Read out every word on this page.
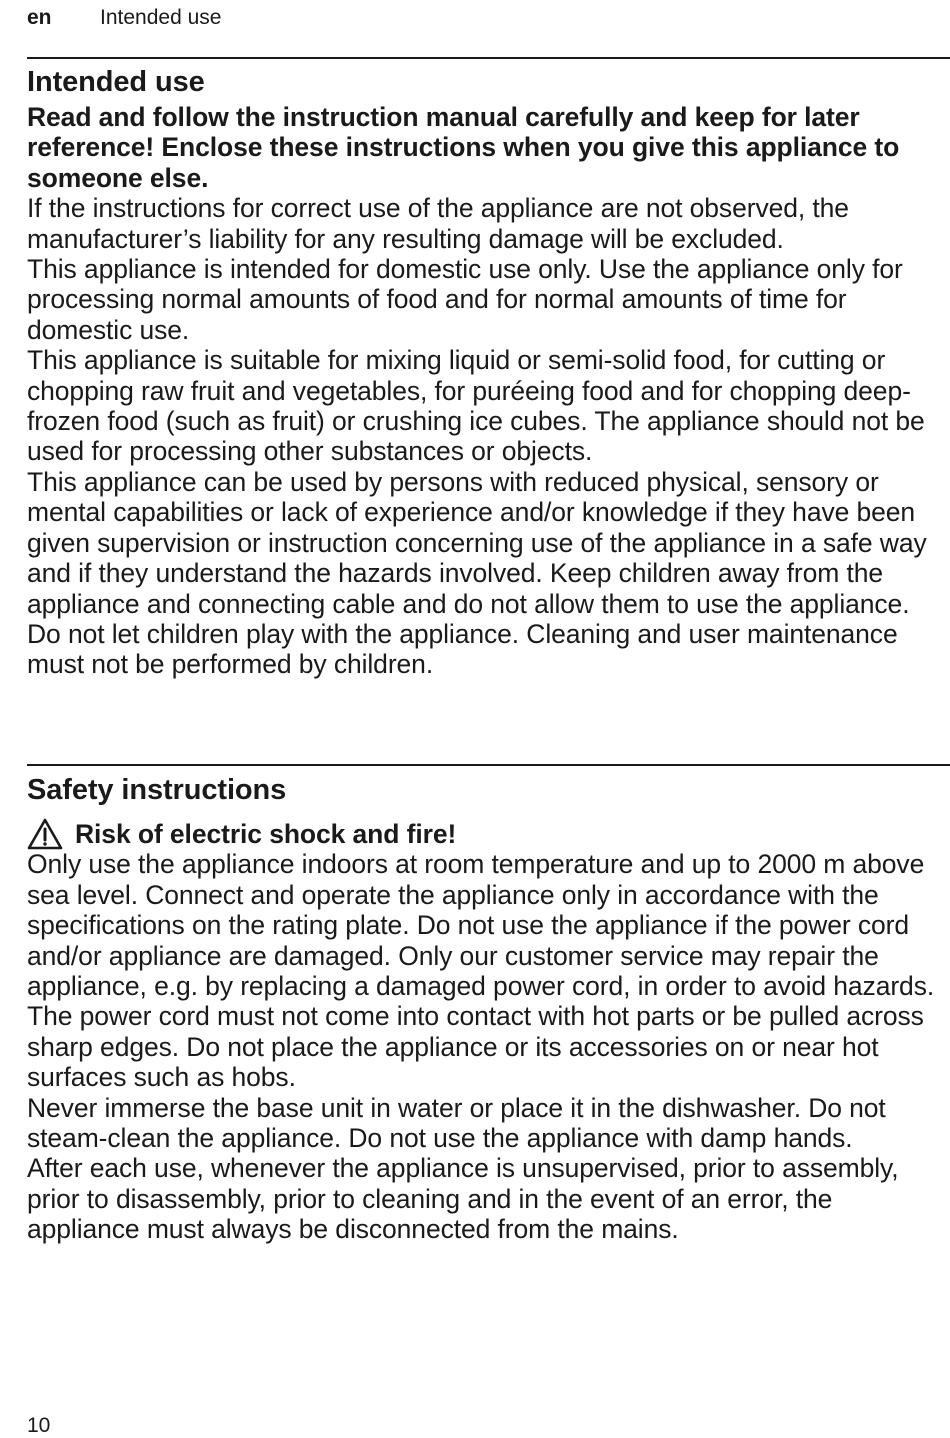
en	Intended use
Intended use

Read and follow the instruction manual carefully and keep for later reference! Enclose these instructions when you give this appliance to someone else.

If the instructions for correct use of the appliance are not observed, the manufacturer’s liability for any resulting damage will be excluded.

This appliance is intended for domestic use only. Use the appliance only for processing normal amounts of food and for normal amounts of time for domestic use.

This appliance is suitable for mixing liquid or semi-solid food, for cutting or chopping raw fruit and vegetables, for puréeing food and for chopping deep-frozen food (such as fruit) or crushing ice cubes. The appliance should not be used for processing other substances or objects.

This appliance can be used by persons with reduced physical, sensory or mental capabilities or lack of experience and/or knowledge if they have been given supervision or instruction concerning use of the appliance in a safe way and if they understand the hazards involved. Keep children away from the appliance and connecting cable and do not allow them to use the appliance. Do not let children play with the appliance. Cleaning and user maintenance must not be performed by children.

Safety instructions
Risk of electric shock and fire!

Only use the appliance indoors at room temperature and up to 2000 m above sea level. Connect and operate the appliance only in accordance with the specifications on the rating plate. Do not use the appliance if the power cord and/or appliance are damaged. Only our customer service may repair the appliance, e.g. by replacing a damaged power cord, in order to avoid hazards. The power cord must not come into contact with hot parts or be pulled across sharp edges. Do not place the appliance or its accessories on or near hot surfaces such as hobs.

Never immerse the base unit in water or place it in the dishwasher. Do not steam-clean the appliance. Do not use the appliance with damp hands.

After each use, whenever the appliance is unsupervised, prior to assembly, prior to disassembly, prior to cleaning and in the event of an error, the appliance must always be disconnected from the mains.

10
